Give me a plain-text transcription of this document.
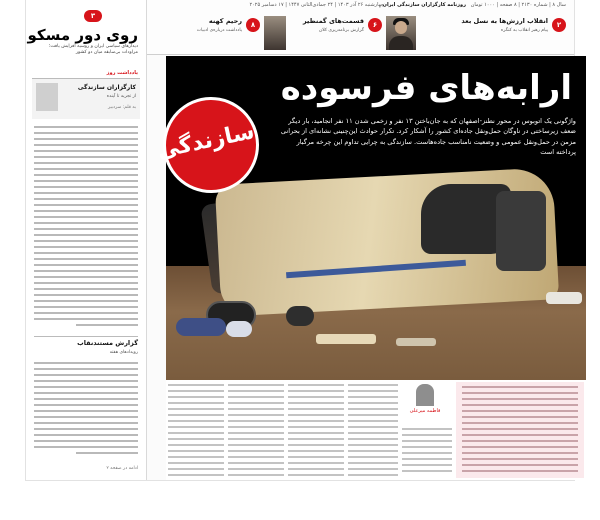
سال ۸ | شماره ۲۱۳۰ | ۸ صفحه | ۱۰۰۰ تومان
روزنامه کارگزاران سازندگی ایران
چهارشنبه ۲۶ آذر ۱۴۰۳ | ۲۴ جمادی‌الثانی ۱۴۴۷ | ۱۷ دسامبر ۲۰۲۵
۲
انقلاب ارزش‌ها به نسل بعد
پیام رهبر انقلاب به کنگره
۶
قسمت‌های گمنظیر
گزارش برنامه‌ریزی کلان
۸
رحیم کهنه
یادداشت درباره‌ی ادبیات
۳
روی دور مسکو
دیدارهای سیاسی ایران و روسیه افزایش یافت؛ مراودات بی‌سابقه میان دو کشور
یادداشت روز
کارگزاران سازندگی
از تجربه تا آینده
به قلم: سردبیر
گزارش مستند‌نقاب
رویدادهای هفته
ادامه در صفحه ۲
ارابه‌های فرسوده
واژگونی یک اتوبوس در محور نطنز-اصفهان که به جان‌باختن ۱۳ نفر و زخمی شدن ۱۱ نفر انجامید، بار دیگر ضعف زیرساختی در ناوگان حمل‌ونقل جاده‌ای کشور را آشکار کرد. تکرار حوادث این‌چنینی نشانه‌ای از بحرانی مزمن در حمل‌ونقل عمومی و وضعیت نامناسب جاده‌هاست. سازندگی به چرایی تداوم این چرخه مرگبار پرداخته است
سازندگی
فاطمه میرعلی
